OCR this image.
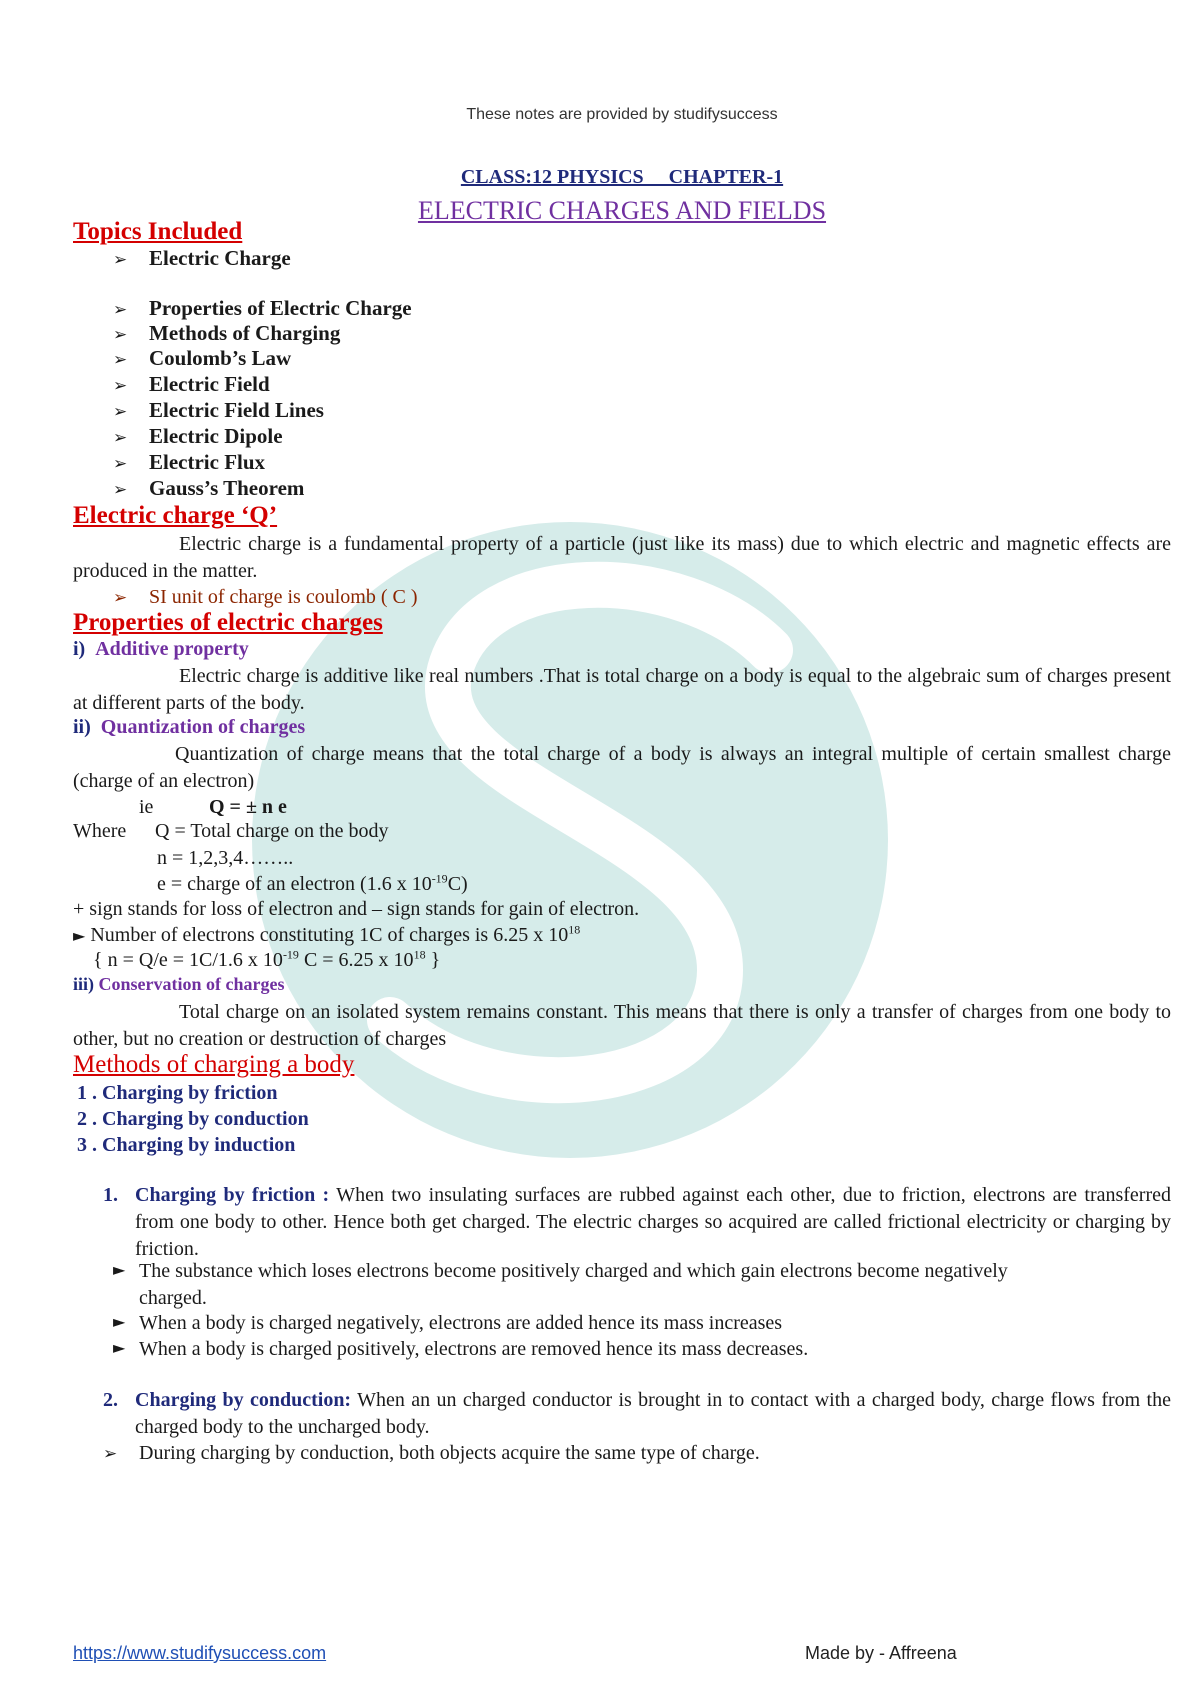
These notes are provided by studifysuccess
CLASS:12 PHYSICS     CHAPTER-1
ELECTRIC CHARGES AND FIELDS
Topics Included
➢ Electric Charge
➢ Properties of Electric Charge
➢ Methods of Charging
➢ Coulomb’s Law
➢ Electric Field
➢ Electric Field Lines
➢ Electric Dipole
➢ Electric Flux
➢ Gauss’s Theorem
Electric charge ‘Q’
Electric charge is a fundamental property of a particle (just like its mass) due to which electric and magnetic effects are produced in the matter.
➢ SI unit of charge is coulomb ( C )
Properties of electric charges
i) Additive property
Electric charge is additive like real numbers .That is total charge on a body is equal to the algebraic sum of charges present at different parts of the body.
ii) Quantization of charges
Quantization of charge means that the total charge of a body is always an integral multiple of certain smallest charge (charge of an electron)
ie	Q = ± n e
Where Q = Total charge on the body
n = 1,2,3,4……..
e = charge of an electron (1.6 x $10^{-19}C$)
+ sign stands for loss of electron and – sign stands for gain of electron.
► Number of electrons constituting 1C of charges is 6.25 x $10^{18}$
{ n = Q/e = 1C/1.6 x $10^{-19}$ C = 6.25 x $10^{18}$ }
iii) Conservation of charges
Total charge on an isolated system remains constant. This means that there is only a transfer of charges from one body to other, but no creation or destruction of charges
Methods of charging a body
1 . Charging by friction
2 . Charging by conduction
3 . Charging by induction
1. Charging by friction : When two insulating surfaces are rubbed against each other, due to friction, electrons are transferred from one body to other. Hence both get charged. The electric charges so acquired are called frictional electricity or charging by friction.
► The substance which loses electrons become positively charged and which gain electrons become negatively charged.
► When a body is charged negatively, electrons are added hence its mass increases
► When a body is charged positively, electrons are removed hence its mass decreases.
2. Charging by conduction: When an un charged conductor is brought in to contact with a charged body, charge flows from the charged body to the uncharged body.
➢ During charging by conduction, both objects acquire the same type of charge.
https://www.studifysuccess.com	Made by - Affreena
